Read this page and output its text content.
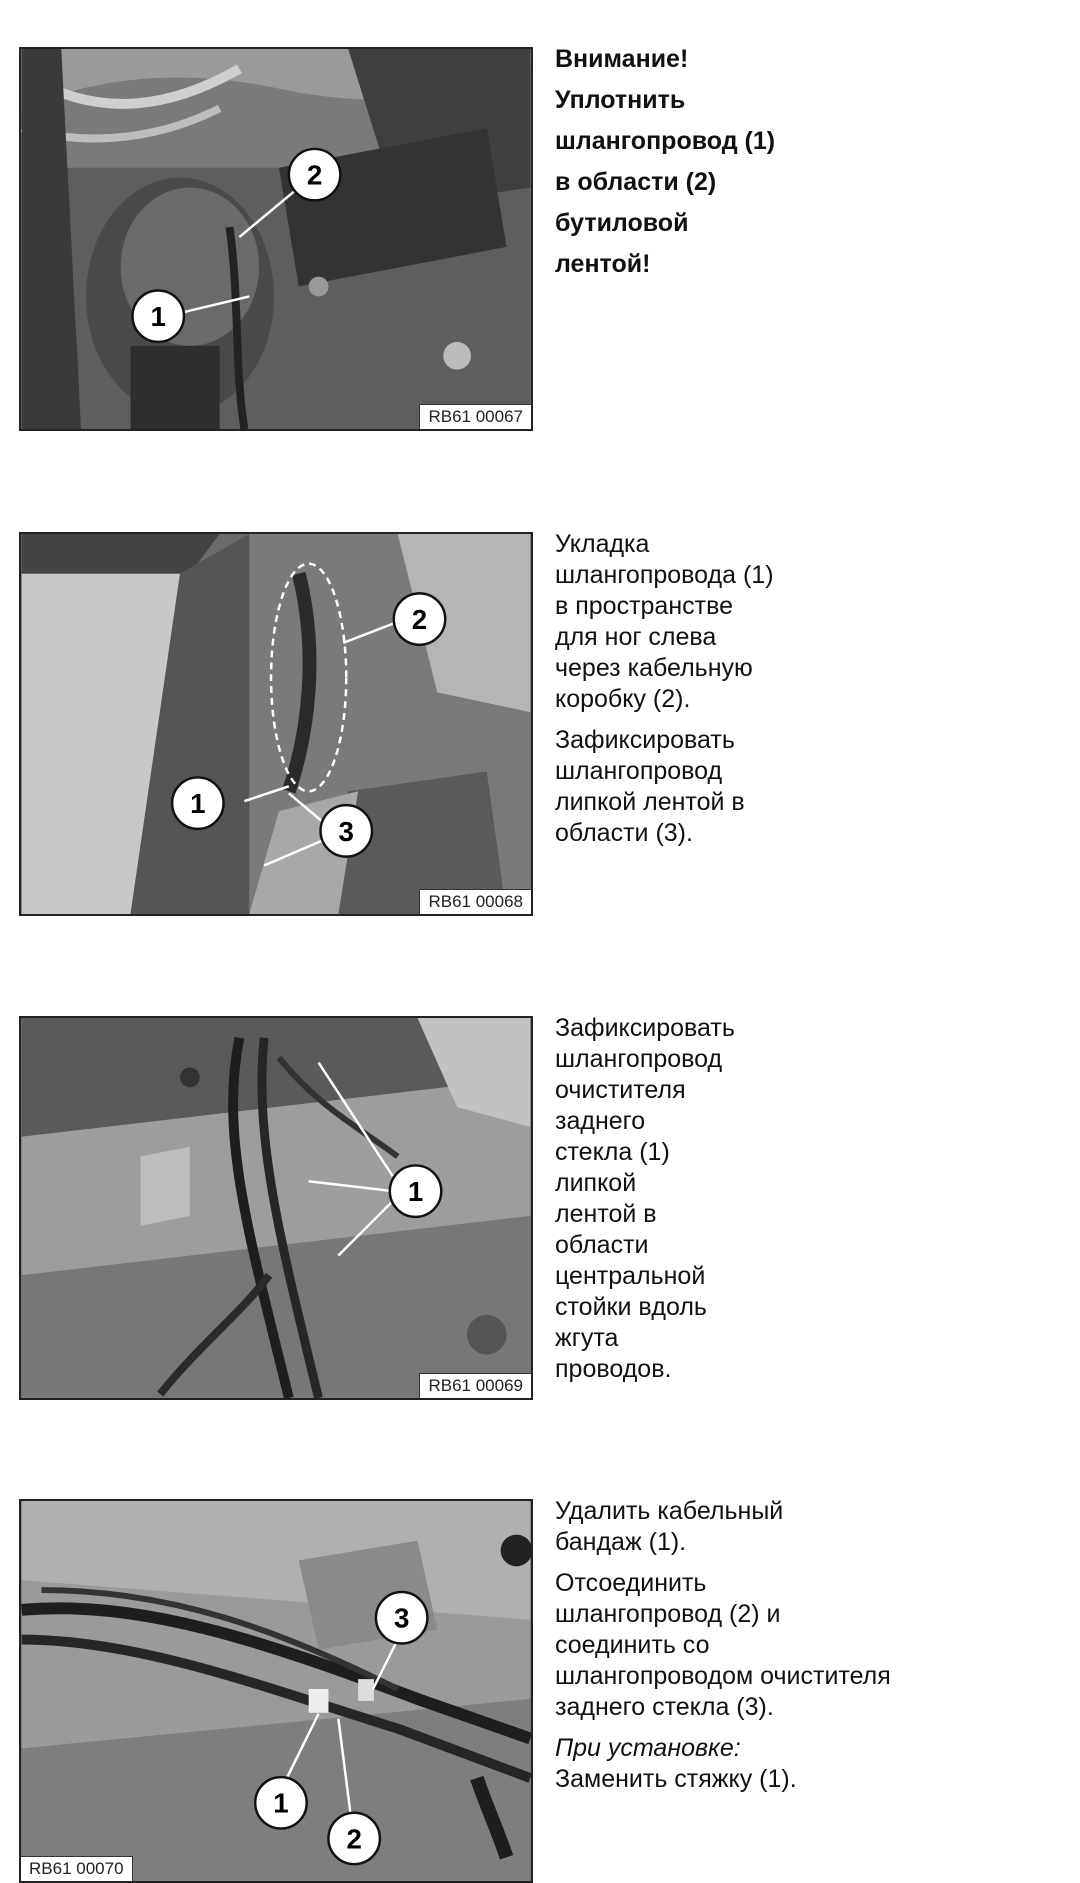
1
2
RB61 00067

Внимание!

Уплотнить

шлангопровод (1)

в области (2)

бутиловой

лентой!

1
2
3
RB61 00068

Укладка
шлангопровода (1)
в пространстве
для ног слева
через кабельную
коробку (2).

Зафиксировать
шлангопровод
липкой лентой в
области (3).

1
RB61 00069

Зафиксировать
шлангопровод
очистителя
заднего
стекла (1)
липкой
лентой в
области
центральной
стойки вдоль
жгута
проводов.

1
2
3
RB61 00070

Удалить кабельный
бандаж (1).

Отсоединить
шлангопровод (2) и
соединить со
шлангопроводом очистителя
заднего стекла (3).

При установке:
Заменить стяжку (1).
